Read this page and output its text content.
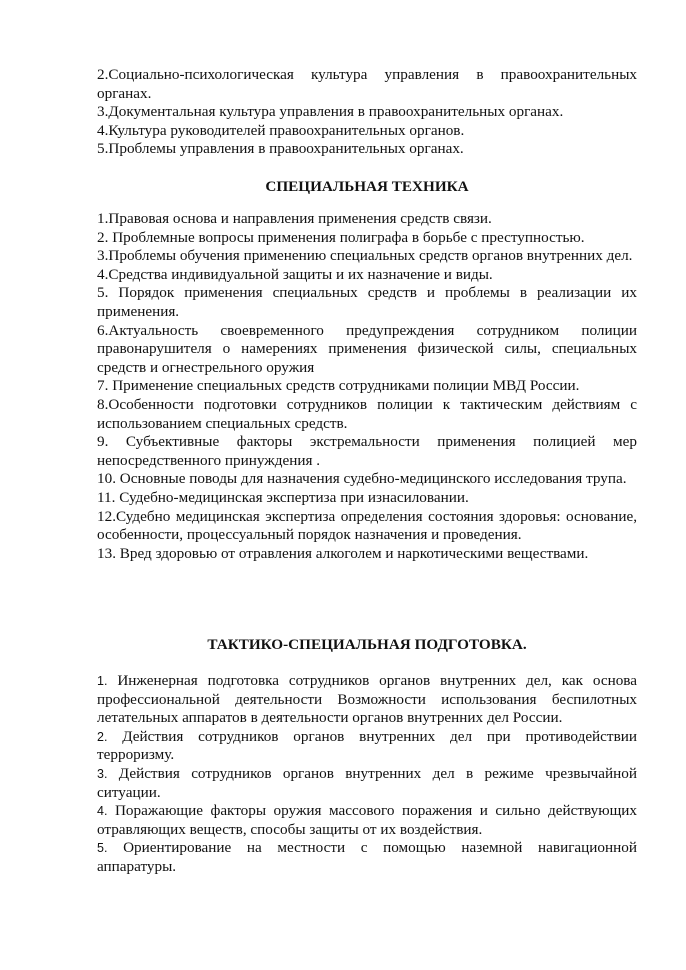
2.Социально-психологическая культура управления в правоохранительных органах.

3.Документальная культура управления в правоохранительных органах.

4.Культура руководителей правоохранительных органов.

5.Проблемы управления в правоохранительных органах.

СПЕЦИАЛЬНАЯ ТЕХНИКА

1.Правовая основа и направления применения средств связи.

2. Проблемные вопросы применения полиграфа в борьбе с преступностью.

3.Проблемы обучения применению специальных средств органов внутренних дел.

4.Средства индивидуальной защиты и их назначение и виды.

5. Порядок применения специальных средств и проблемы в реализации их применения.

6.Актуальность своевременного предупреждения сотрудником полиции правонарушителя о намерениях применения физической силы, специальных средств и огнестрельного оружия

7. Применение специальных средств сотрудниками полиции МВД России.

8.Особенности подготовки сотрудников полиции к тактическим действиям с использованием специальных средств.

9. Субъективные факторы экстремальности применения полицией мер непосредственного принуждения .

10. Основные поводы для назначения судебно-медицинского исследования трупа.

11. Судебно-медицинская экспертиза при изнасиловании.

12.Судебно медицинская экспертиза определения состояния здоровья: основание, особенности, процессуальный порядок назначения и проведения.

13. Вред здоровью от отравления алкоголем и наркотическими веществами.

ТАКТИКО-СПЕЦИАЛЬНАЯ ПОДГОТОВКА.

1. Инженерная подготовка сотрудников органов внутренних дел, как основа профессиональной деятельности Возможности использования беспилотных летательных аппаратов в деятельности органов внутренних дел России.

2. Действия сотрудников органов внутренних дел при противодействии терроризму.

3. Действия сотрудников органов внутренних дел в режиме чрезвычайной ситуации.

4. Поражающие факторы оружия массового поражения и сильно действующих отравляющих веществ, способы защиты от их воздействия.

5. Ориентирование на местности с помощью наземной навигационной аппаратуры.
